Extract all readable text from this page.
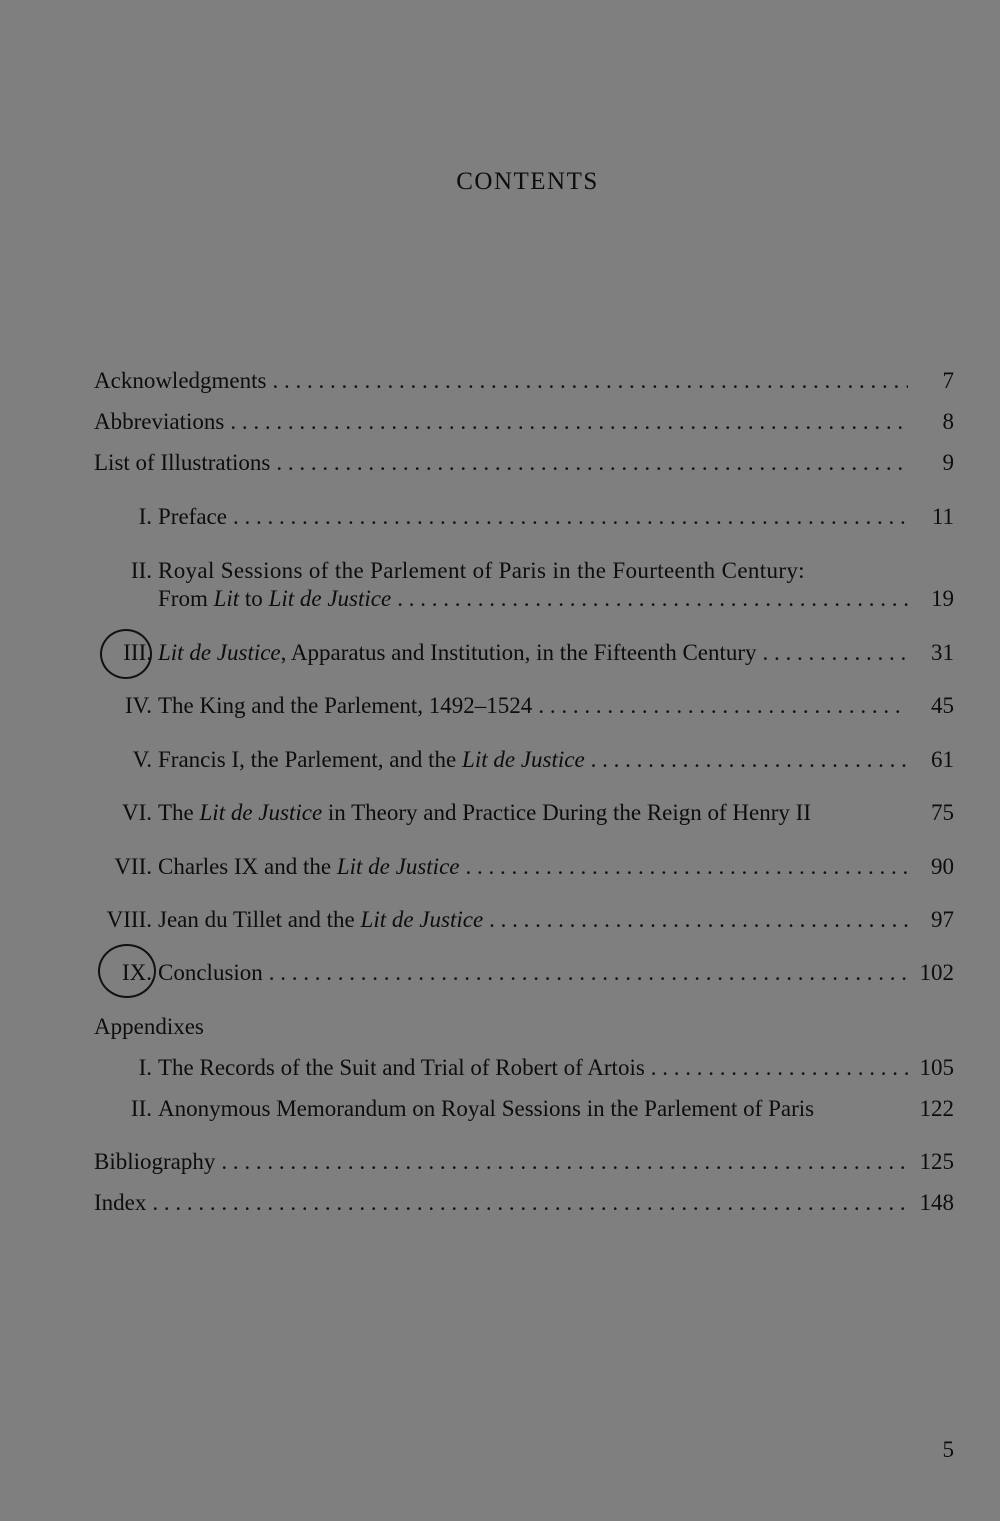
CONTENTS
Acknowledgments . . .	7
Abbreviations . . .	8
List of Illustrations . . .	9
I. Preface . . .	11
II. Royal Sessions of the Parlement of Paris in the Fourteenth Century:
From Lit to Lit de Justice . . .	19
III. Lit de Justice, Apparatus and Institution, in the Fifteenth Century . . .	31
IV. The King and the Parlement, 1492–1524 . . .	45
V. Francis I, the Parlement, and the Lit de Justice . . .	61
VI. The Lit de Justice in Theory and Practice During the Reign of Henry II	75
VII. Charles IX and the Lit de Justice . . .	90
VIII. Jean du Tillet and the Lit de Justice . . .	97
IX. Conclusion . . .	102
Appendixes
I. The Records of the Suit and Trial of Robert of Artois . . .	105
II. Anonymous Memorandum on Royal Sessions in the Parlement of Paris	122
Bibliography . . .	125
Index . . .	148
5
